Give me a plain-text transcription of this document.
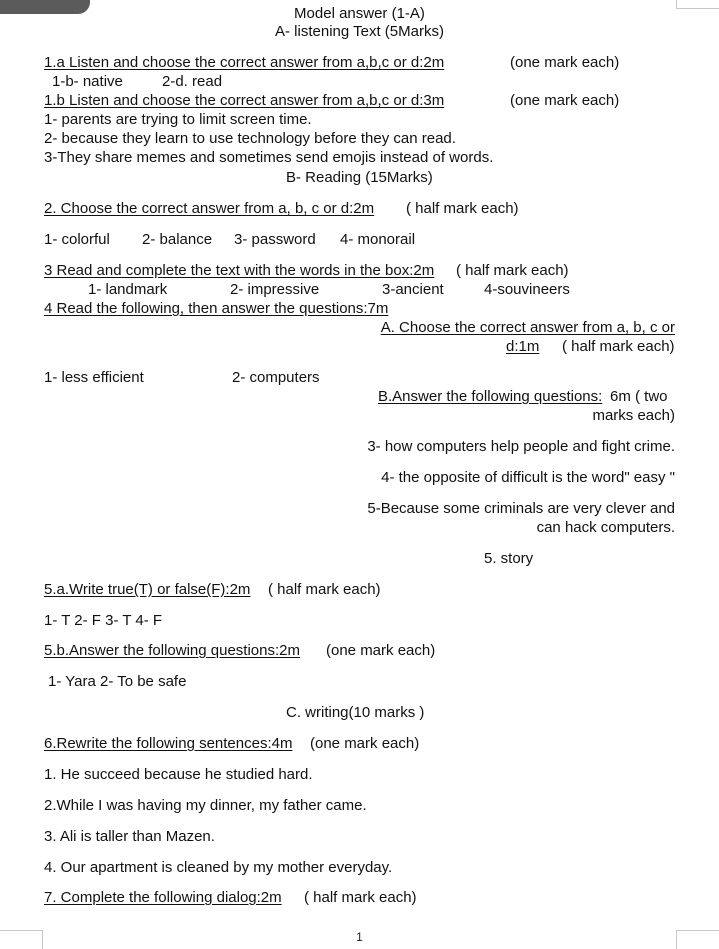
Model answer (1-A)
A- listening Text (5Marks)
1.a Listen and choose the correct answer from a,b,c or d:2m	(one mark each)
1-b- native	2-d. read
1.b Listen and choose the correct answer from a,b,c or d:3m	(one mark each)
1- parents are trying to limit screen time.
2- because they learn to use technology before they can read.
3-They share memes and sometimes send emojis instead of words.
B- Reading (15Marks)
2. Choose the correct answer from a, b, c or d:2m ( half mark each)
1- colorful 2- balance 3- password 4- monorail
3 Read and complete the text with the words in the box:2m ( half mark each)
1- landmark	2- impressive	3-ancient	4-souvineers
4 Read the following, then answer the questions:7m
A. Choose the correct answer from a, b, c or
d:1m ( half mark each)
1- less efficient	2- computers
B.Answer the following questions: 6m ( two
marks each)
3- how computers help people and fight crime.
4- the opposite of difficult is the word" easy "
5-Because some criminals are very clever and
can hack computers.
5. story
5.a.Write true(T) or false(F):2m ( half mark each)
1- T 2- F 3- T 4- F
5.b.Answer the following questions:2m (one mark each)
1- Yara 2- To be safe
C. writing(10 marks )
6.Rewrite the following sentences:4m (one mark each)
1. He succeed because he studied hard.
2.While I was having my dinner, my father came.
3. Ali is taller than Mazen.
4. Our apartment is cleaned by my mother everyday.
7. Complete the following dialog:2m ( half mark each)
1
